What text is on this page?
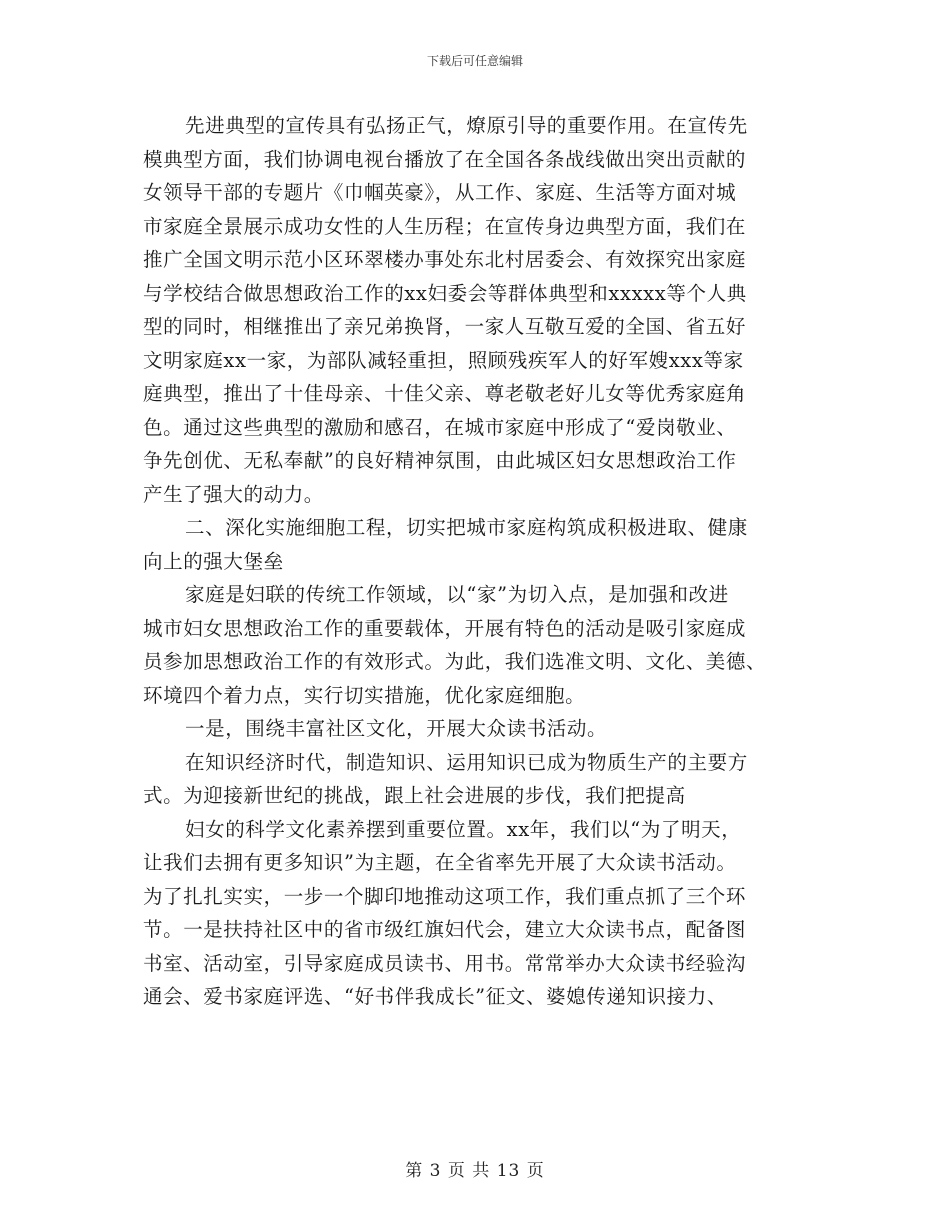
下载后可任意编辑
先进典型的宣传具有弘扬正气，燎原引导的重要作用。在宣传先
模典型方面，我们协调电视台播放了在全国各条战线做出突出贡献的
女领导干部的专题片《巾帼英豪》，从工作、家庭、生活等方面对城
市家庭全景展示成功女性的人生历程；在宣传身边典型方面，我们在
推广全国文明示范小区环翠楼办事处东北村居委会、有效探究出家庭
与学校结合做思想政治工作的xx妇委会等群体典型和xxxxx等个人典
型的同时，相继推出了亲兄弟换肾，一家人互敬互爱的全国、省五好
文明家庭xx一家，为部队减轻重担，照顾残疾军人的好军嫂xxx等家
庭典型，推出了十佳母亲、十佳父亲、尊老敬老好儿女等优秀家庭角
色。通过这些典型的激励和感召，在城市家庭中形成了“爱岗敬业、
争先创优、无私奉献”的良好精神氛围，由此城区妇女思想政治工作
产生了强大的动力。
二、深化实施细胞工程，切实把城市家庭构筑成积极进取、健康
向上的强大堡垒
家庭是妇联的传统工作领域，以“家”为切入点，是加强和改进
城市妇女思想政治工作的重要载体，开展有特色的活动是吸引家庭成
员参加思想政治工作的有效形式。为此，我们选准文明、文化、美德、
环境四个着力点，实行切实措施，优化家庭细胞。
一是，围绕丰富社区文化，开展大众读书活动。
在知识经济时代，制造知识、运用知识已成为物质生产的主要方
式。为迎接新世纪的挑战，跟上社会进展的步伐，我们把提高
妇女的科学文化素养摆到重要位置。xx年，我们以“为了明天，
让我们去拥有更多知识”为主题，在全省率先开展了大众读书活动。
为了扎扎实实，一步一个脚印地推动这项工作，我们重点抓了三个环
节。一是扶持社区中的省市级红旗妇代会，建立大众读书点，配备图
书室、活动室，引导家庭成员读书、用书。常常举办大众读书经验沟
通会、爱书家庭评选、“好书伴我成长”征文、婆媳传递知识接力、
第 3 页 共 13 页
